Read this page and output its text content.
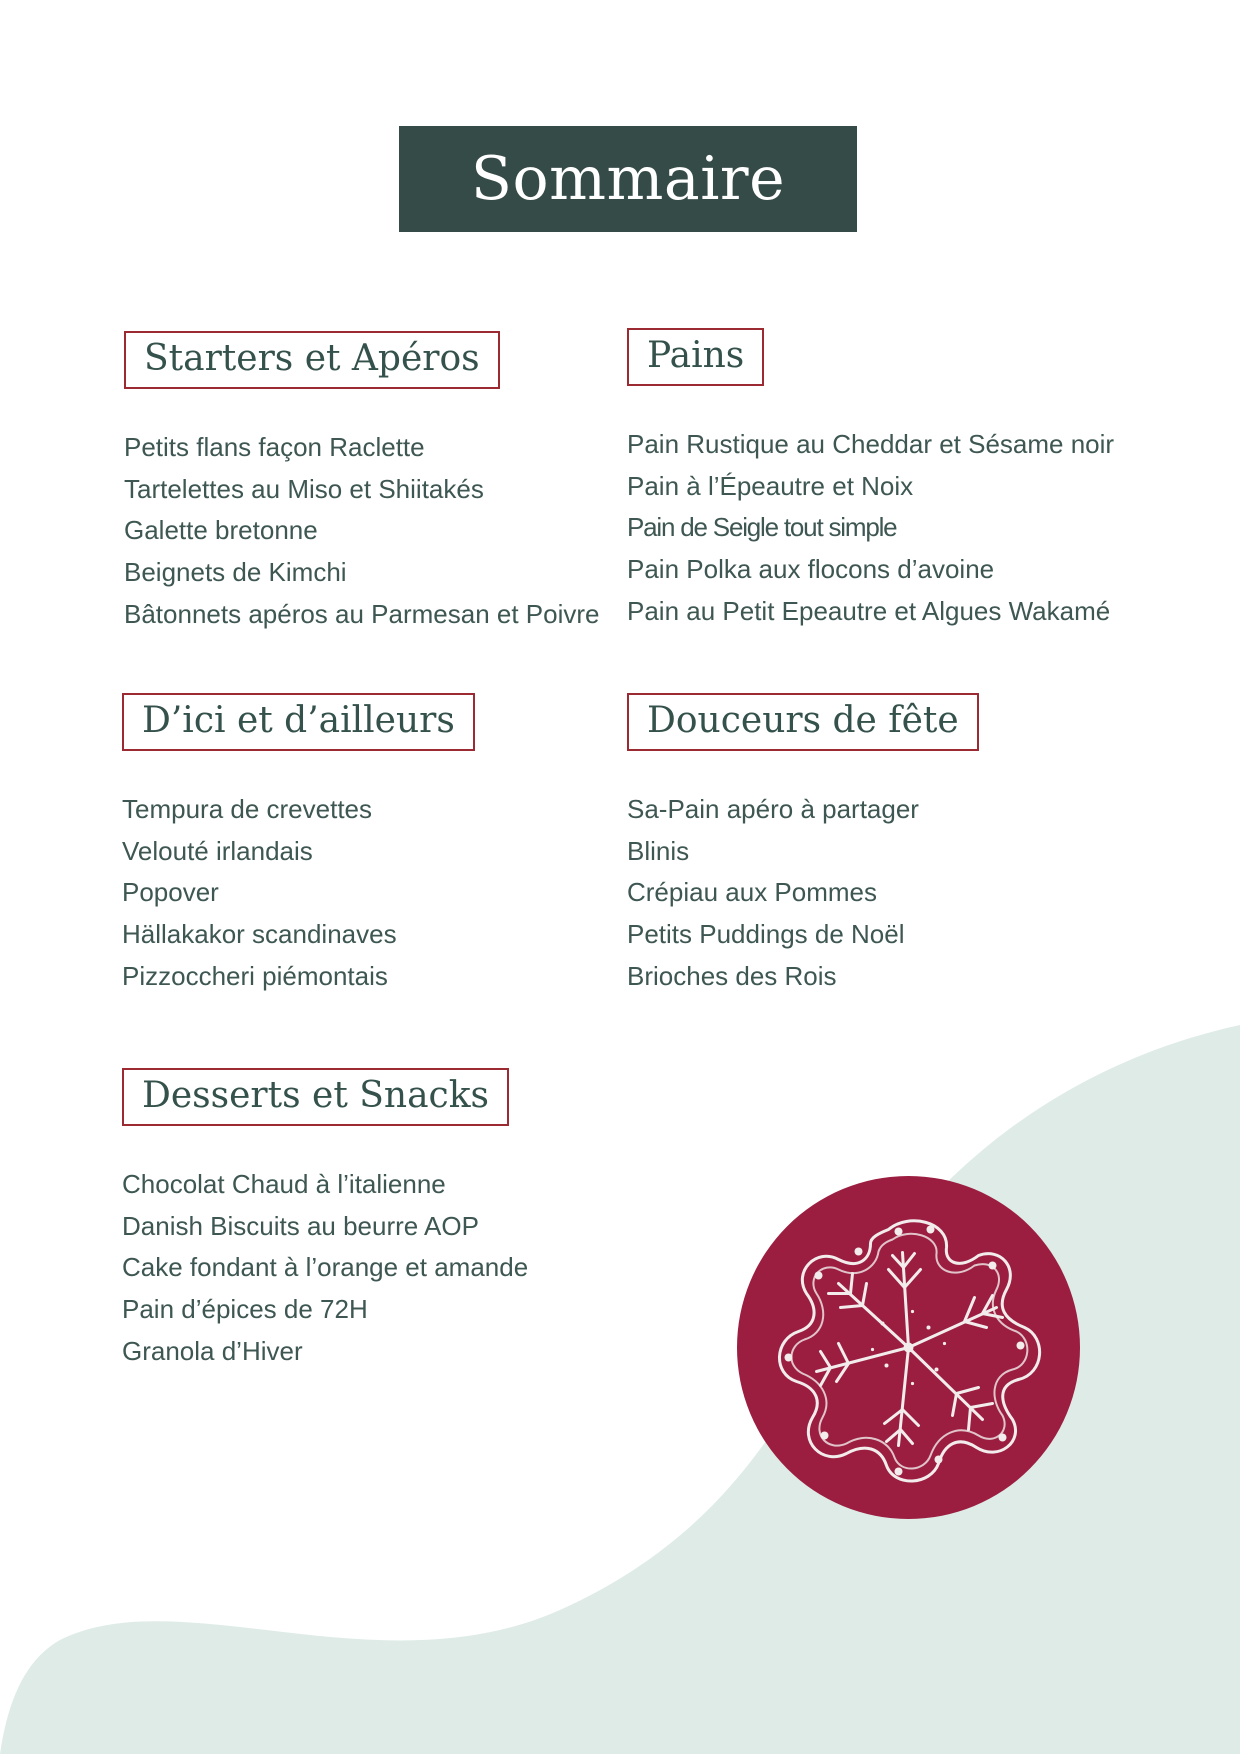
Sommaire
Starters et Apéros
Petits flans façon Raclette
Tartelettes au Miso et Shiitakés
Galette bretonne
Beignets de Kimchi
Bâtonnets apéros au Parmesan et Poivre
Pains
Pain Rustique au Cheddar et Sésame noir
Pain à l’Épeautre et Noix
Pain de Seigle tout simple
Pain Polka aux flocons d’avoine
Pain au Petit Epeautre et Algues Wakamé
D’ici et d’ailleurs
Tempura de crevettes
Velouté irlandais
Popover
Hällakakor scandinaves
Pizzoccheri piémontais
Douceurs de fête
Sa-Pain apéro à partager
Blinis
Crépiau aux Pommes
Petits Puddings de Noël
Brioches des Rois
Desserts et Snacks
Chocolat Chaud à l’italienne
Danish Biscuits au beurre AOP
Cake fondant à l’orange et amande
Pain d’épices de 72H
Granola d’Hiver
